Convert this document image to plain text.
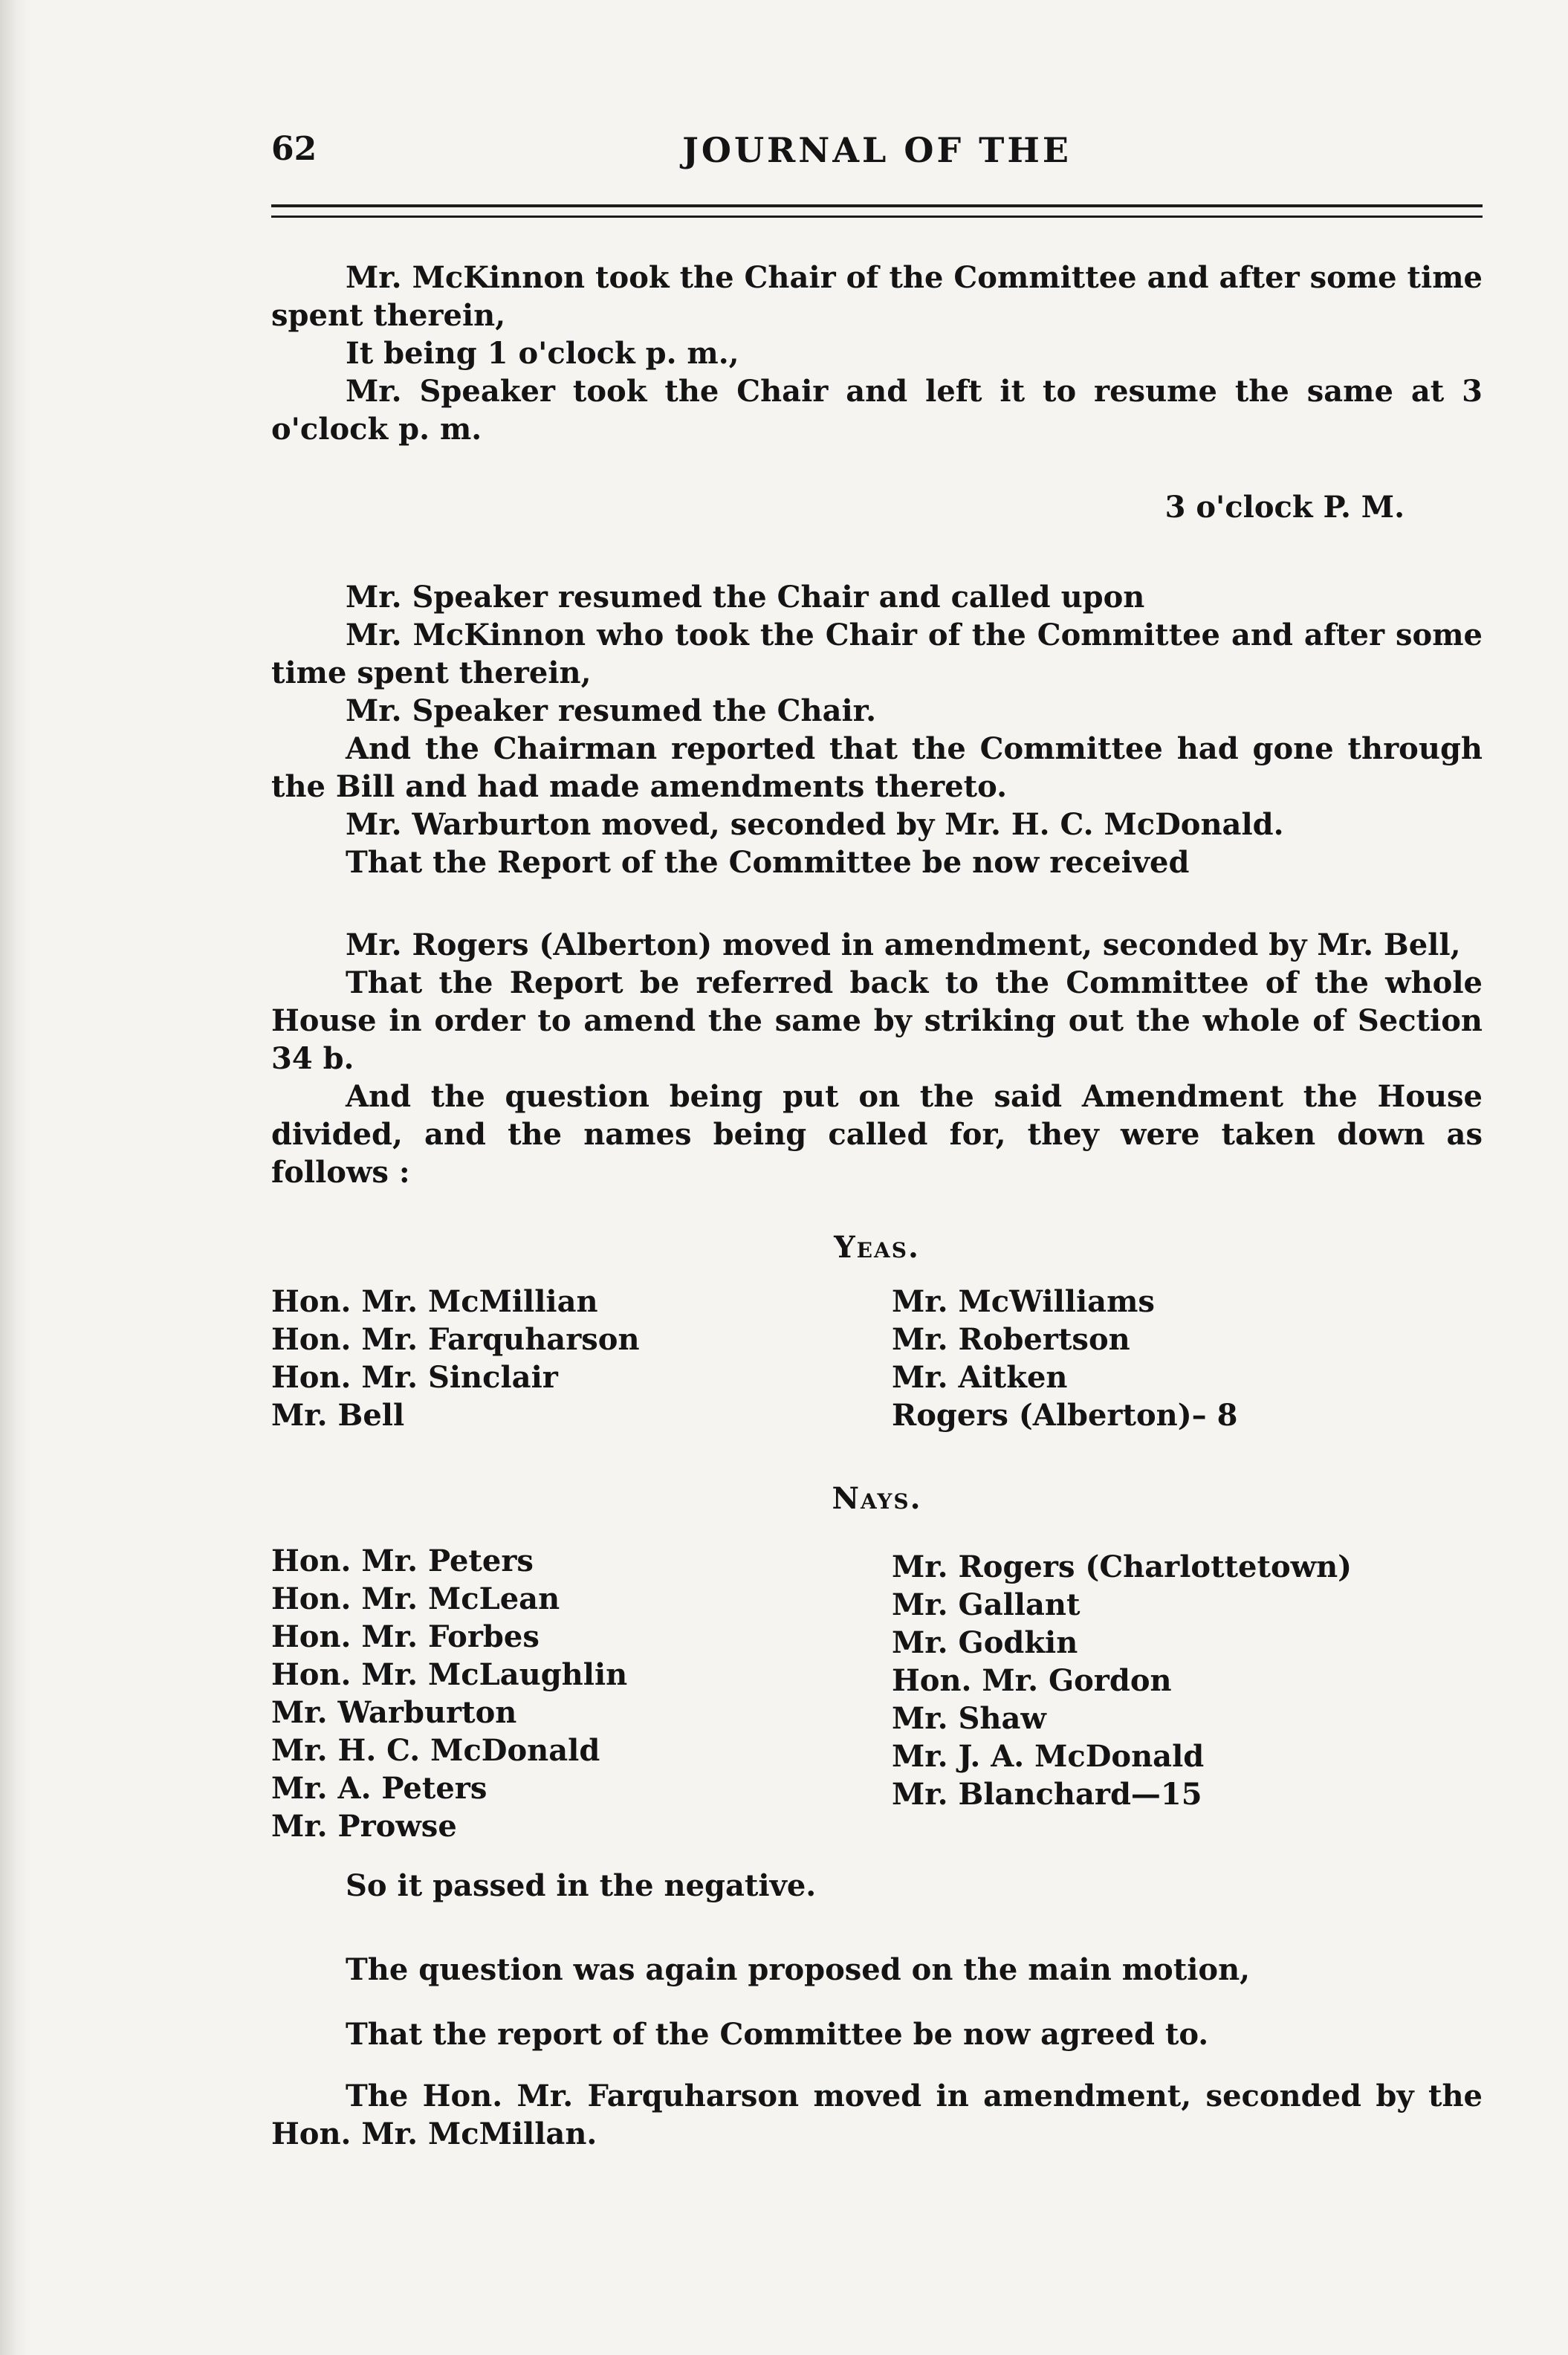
62	JOURNAL OF THE

Mr. McKinnon took the Chair of the Committee and after some time spent therein,

It being 1 o'clock p. m.,

Mr. Speaker took the Chair and left it to resume the same at 3 o'clock p. m.

3 o'clock P. M.

Mr. Speaker resumed the Chair and called upon

Mr. McKinnon who took the Chair of the Committee and after some time spent therein,

Mr. Speaker resumed the Chair.

And the Chairman reported that the Committee had gone through the Bill and had made amendments thereto.

Mr. Warburton moved, seconded by Mr. H. C. McDonald.

That the Report of the Committee be now received

Mr. Rogers (Alberton) moved in amendment, seconded by Mr. Bell,

That the Report be referred back to the Committee of the whole House in order to amend the same by striking out the whole of Section 34 b.

And the question being put on the said Amendment the House divided, and the names being called for, they were taken down as follows :

Yeas.
Hon. Mr. McMillian
Hon. Mr. Farquharson
Hon. Mr. Sinclair
Mr. Bell
Mr. McWilliams
Mr. Robertson
Mr. Aitken
Rogers (Alberton)– 8
Nays.
Hon. Mr. Peters
Hon. Mr. McLean
Hon. Mr. Forbes
Hon. Mr. McLaughlin
Mr. Warburton
Mr. H. C. McDonald
Mr. A. Peters
Mr. Prowse
Mr. Rogers (Charlottetown)
Mr. Gallant
Mr. Godkin
Hon. Mr. Gordon
Mr. Shaw
Mr. J. A. McDonald
Mr. Blanchard—15

So it passed in the negative.

The question was again proposed on the main motion,

That the report of the Committee be now agreed to.

The Hon. Mr. Farquharson moved in amendment, seconded by the Hon. Mr. McMillan.
